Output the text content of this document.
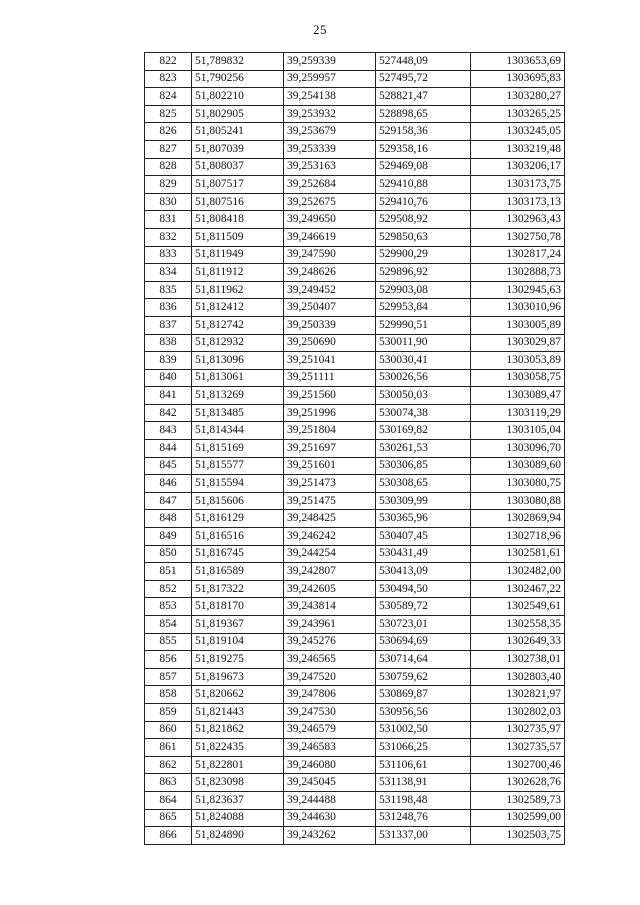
25
822	51,789832	39,259339	527448,09	1303653,69
823	51,790256	39,259957	527495,72	1303695,83
824	51,802210	39,254138	528821,47	1303280,27
825	51,802905	39,253932	528898,65	1303265,25
826	51,805241	39,253679	529158,36	1303245,05
827	51,807039	39,253339	529358,16	1303219,48
828	51,808037	39,253163	529469,08	1303206,17
829	51,807517	39,252684	529410,88	1303173,75
830	51,807516	39,252675	529410,76	1303173,13
831	51,808418	39,249650	529508,92	1302963,43
832	51,811509	39,246619	529850,63	1302750,78
833	51,811949	39,247590	529900,29	1302817,24
834	51,811912	39,248626	529896,92	1302888,73
835	51,811962	39,249452	529903,08	1302945,63
836	51,812412	39,250407	529953,84	1303010,96
837	51,812742	39,250339	529990,51	1303005,89
838	51,812932	39,250690	530011,90	1303029,87
839	51,813096	39,251041	530030,41	1303053,89
840	51,813061	39,251111	530026,56	1303058,75
841	51,813269	39,251560	530050,03	1303089,47
842	51,813485	39,251996	530074,38	1303119,29
843	51,814344	39,251804	530169,82	1303105,04
844	51,815169	39,251697	530261,53	1303096,70
845	51,815577	39,251601	530306,85	1303089,60
846	51,815594	39,251473	530308,65	1303080,75
847	51,815606	39,251475	530309,99	1303080,88
848	51,816129	39,248425	530365,96	1302869,94
849	51,816516	39,246242	530407,45	1302718,96
850	51,816745	39,244254	530431,49	1302581,61
851	51,816589	39,242807	530413,09	1302482,00
852	51,817322	39,242605	530494,50	1302467,22
853	51,818170	39,243814	530589,72	1302549,61
854	51,819367	39,243961	530723,01	1302558,35
855	51,819104	39,245276	530694,69	1302649,33
856	51,819275	39,246565	530714,64	1302738,01
857	51,819673	39,247520	530759,62	1302803,40
858	51,820662	39,247806	530869,87	1302821,97
859	51,821443	39,247530	530956,56	1302802,03
860	51,821862	39,246579	531002,50	1302735,97
861	51,822435	39,246583	531066,25	1302735,57
862	51,822801	39,246080	531106,61	1302700,46
863	51,823098	39,245045	531138,91	1302628,76
864	51,823637	39,244488	531198,48	1302589,73
865	51,824088	39,244630	531248,76	1302599,00
866	51,824890	39,243262	531337,00	1302503,75
